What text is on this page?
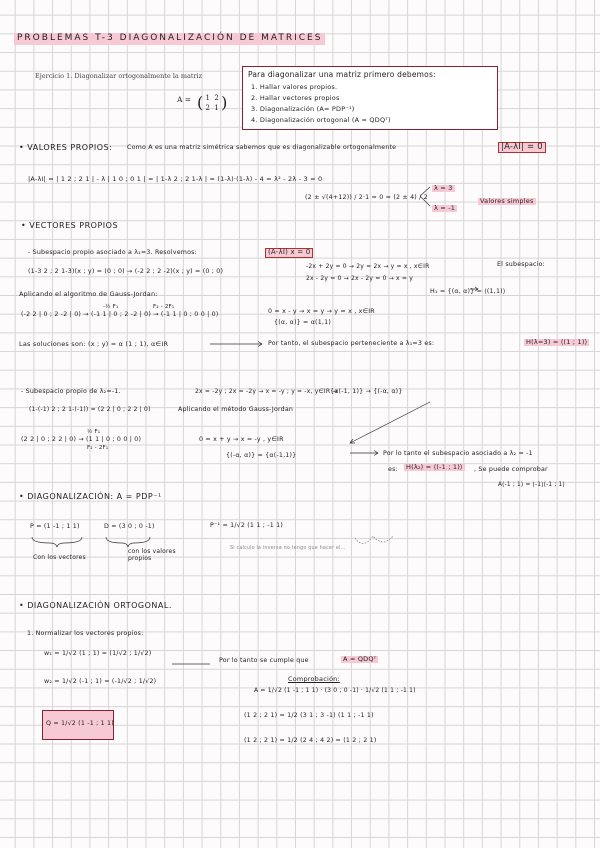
PROBLEMAS T-3 DIAGONALIZACIÓN DE MATRICES
Ejercicio 1. Diagonalizar ortogonalmente la matriz
A = ( 1  2
2  1 )
Para diagonalizar una matriz primero debemos:
1. Hallar valores propios.
2. Hallar vectores propios
3. Diagonalización (A= PDP⁻¹)
4. Diagonalización ortogonal (A = QDQᵀ)
• VALORES PROPIOS: Como A es una matriz simétrica sabemos que es diagonalizable ortogonalmente	|A-λI| = 0
|A-λI| = | 1 2 ; 2 1 | - λ | 1 0 ; 0 1 | = | 1-λ 2 ; 2 1-λ | = (1-λ)·(1-λ) - 4 = λ² - 2λ - 3 = 0
(2 ± √(4+12)) / 2·1 = 0 = (2 ± 4) / 2
λ = 3
λ = -1
Valores simples
• VECTORES PROPIOS
- Subespacio propio asociado a λ₁=3. Resolvemos:	(A-λI) x = 0
(1-3 2 ; 2 1-3)(x ; y) = (0 ; 0) → (-2 2 ; 2 -2)(x ; y) = (0 ; 0)
-2x + 2y = 0 → 2y = 2x → y = x , x∈IR
2x - 2y = 0 → 2x - 2y = 0 → x = y
El subespacio:
H₁ = {(α, α)} = ⟨(1,1)⟩
Aplicando el algoritmo de Gauss-Jordan:
(-2 2 | 0 ; 2 -2 | 0) → (-1 1 | 0 ; 2 -2 | 0) → (-1 1 | 0 ; 0 0 | 0)
-½ F₁	F₂ - 2F₁
0 = x - y → x = y → y = x , x∈IR
{(α, α)} = α(1,1)
Las soluciones son: (x ; y) = α (1 ; 1), α∈IR	Por tanto, el subespacio perteneciente a λ₁=3 es:	H(λ=3) = ⟨(1 ; 1)⟩
- Subespacio propio de λ₂=-1.	2x = -2y ; 2x = -2y → x = -y ; y = -x, y∈IR →
{α(-1, 1)} → {(-α, α)}
(1-(-1) 2 ; 2 1-(-1)) = (2 2 | 0 ; 2 2 | 0)	Aplicando el método Gauss-Jordan
(2 2 | 0 ; 2 2 | 0) → (1 1 | 0 ; 0 0 | 0)
½ F₁
F₂ - 2F₁
0 = x + y → x = -y , y∈IR
{(-α, α)} = {α(-1,1)}	Por lo tanto el subespacio asociado a λ₂ = -1
es:	H(λ₂) = ⟨(-1 ; 1)⟩	, Se puede comprobar
A(-1 ; 1) = (-1)(-1 ; 1)
• DIAGONALIZACIÓN: A = PDP⁻¹
P = (1 -1 ; 1 1)	D = (3 0 ; 0 -1)
Con los vectores
con los valores propios
P⁻¹ = 1/√2 (1 1 ; -1 1)
Si calculo la inversa no tengo que hacer el...
• DIAGONALIZACIÓN ORTOGONAL.
1. Normalizar los vectores propios:
w₁ = 1/√2 (1 ; 1) = (1/√2 ; 1/√2)
w₂ = 1/√2 (-1 ; 1) = (-1/√2 ; 1/√2)
Por lo tanto se cumple que	A = QDQᵀ
Q = 1/√2 (1 -1 ; 1 1)
Comprobación:
A = 1/√2 (1 -1 ; 1 1) · (3 0 ; 0 -1) · 1/√2 (1 1 ; -1 1)
(1 2 ; 2 1) = 1/2 (3 1 ; 3 -1) (1 1 ; -1 1)
(1 2 ; 2 1) = 1/2 (2 4 ; 4 2) = (1 2 ; 2 1)
